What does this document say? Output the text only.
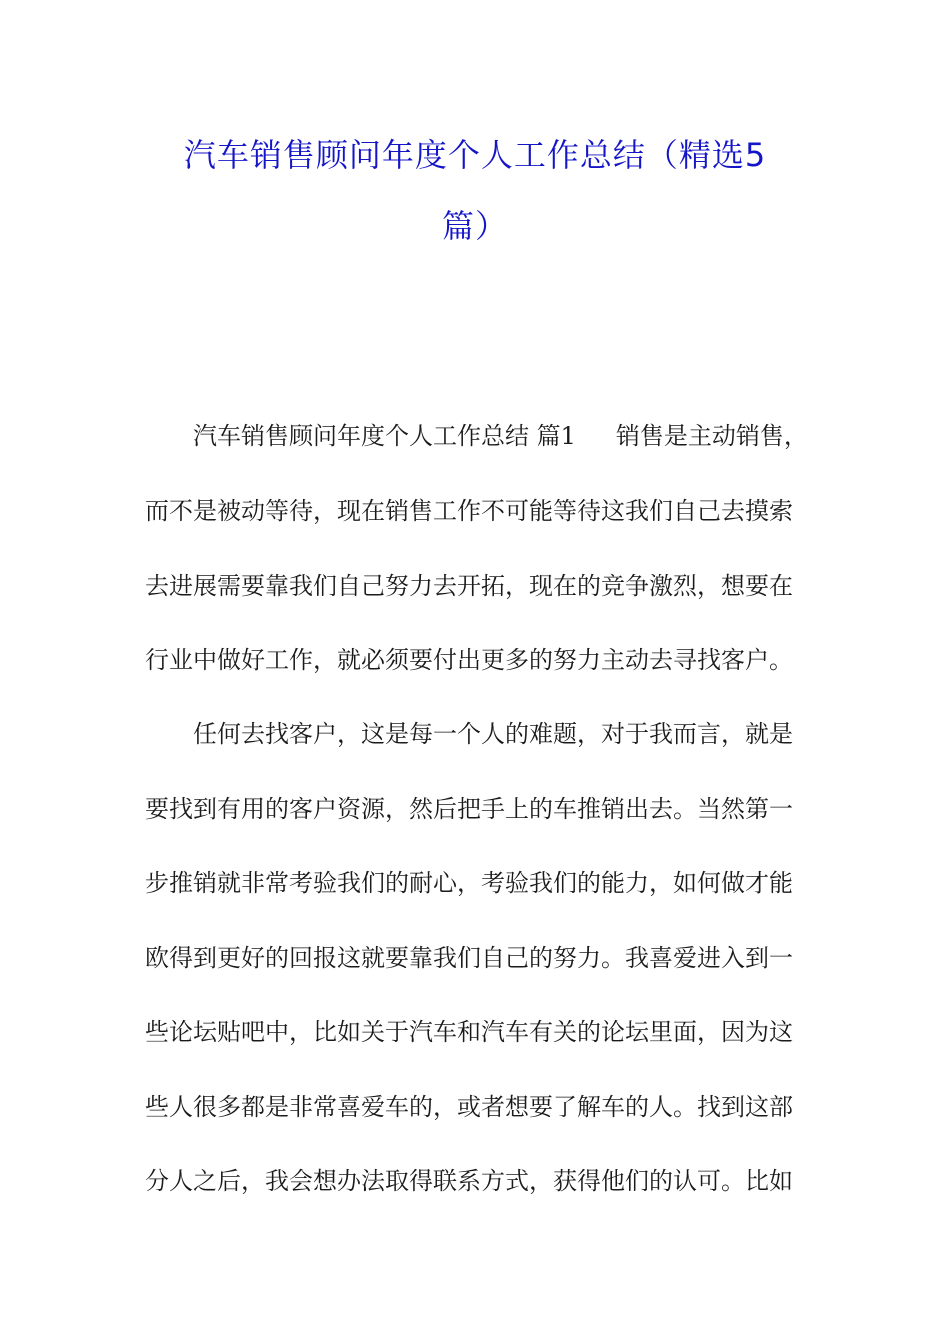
汽车销售顾问年度个人工作总结（精选5
篇）
汽车销售顾问年度个人工作总结 篇1 销售是主动销售，
而不是被动等待，现在销售工作不可能等待这我们自己去摸索
去进展需要靠我们自己努力去开拓，现在的竞争激烈，想要在
行业中做好工作，就必须要付出更多的努力主动去寻找客户。
任何去找客户，这是每一个人的难题，对于我而言，就是
要找到有用的客户资源，然后把手上的车推销出去。当然第一
步推销就非常考验我们的耐心，考验我们的能力，如何做才能
欧得到更好的回报这就要靠我们自己的努力。我喜爱进入到一
些论坛贴吧中，比如关于汽车和汽车有关的论坛里面，因为这
些人很多都是非常喜爱车的，或者想要了解车的人。找到这部
分人之后，我会想办法取得联系方式，获得他们的认可。比如
